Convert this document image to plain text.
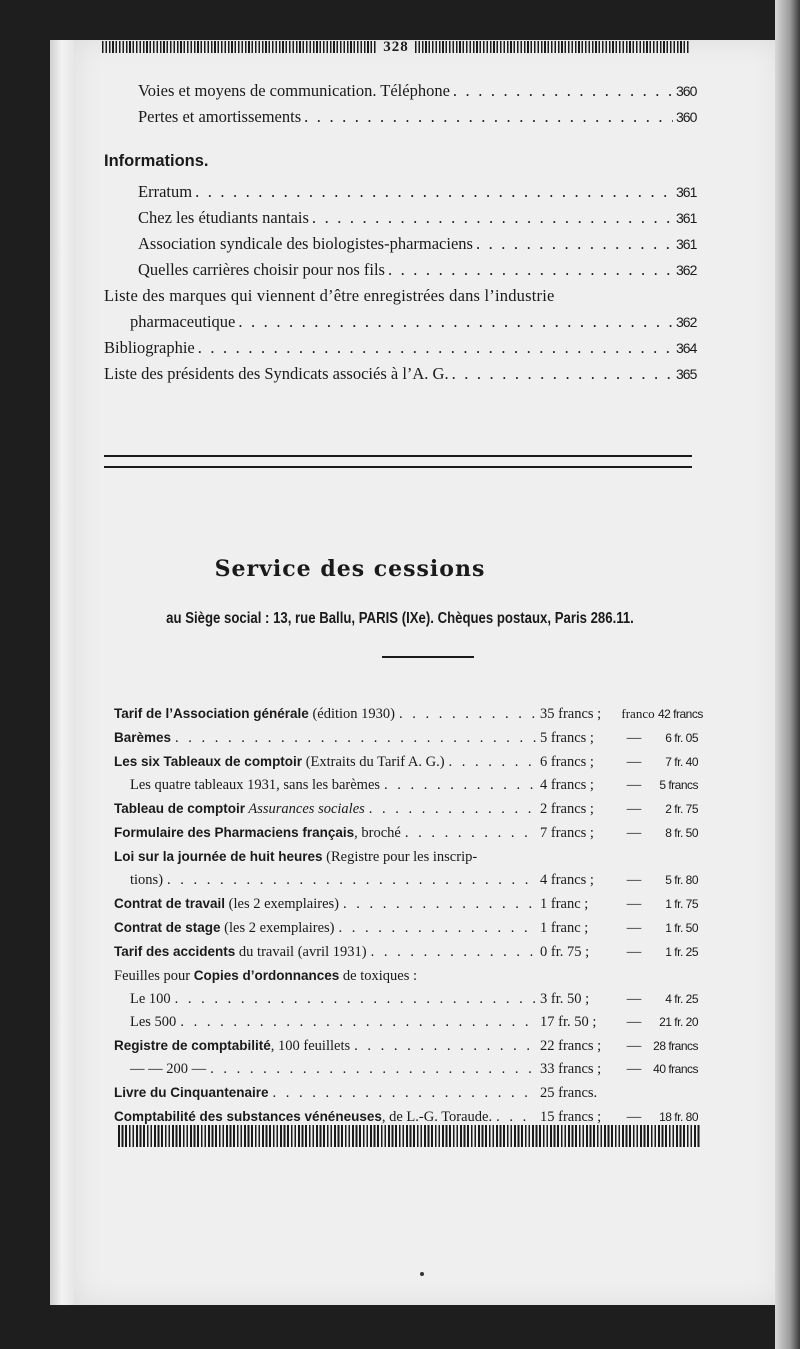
328
Voies et moyens de communication. Téléphone . . .	360
Pertes et amortissements . . .	360
Informations.
Erratum . . .	361
Chez les étudiants nantais . . .	361
Association syndicale des biologistes-pharmaciens . . .	361
Quelles carrières choisir pour nos fils . . .	362
Liste des marques qui viennent d’être enregistrées dans l’industrie
pharmaceutique . . .	362
Bibliographie . . .	364
Liste des présidents des Syndicats associés à l’A. G. . . .	365
Service des cessions
au Siège social : 13, rue Ballu, PARIS (IXe). Chèques postaux, Paris 286.11.
Tarif de l’Association générale (édition 1930) . . .	35 francs ;	franco 42 francs
Barèmes . . .	5 francs ;	—	6 fr. 05
Les six Tableaux de comptoir (Extraits du Tarif A. G.) . . .	6 francs ;	—	7 fr. 40
Les quatre tableaux 1931, sans les barèmes . . .	4 francs ;	—	5 francs
Tableau de comptoir Assurances sociales . . .	2 francs ;	—	2 fr. 75
Formulaire des Pharmaciens français, broché . . .	7 francs ;	—	8 fr. 50
Loi sur la journée de huit heures (Registre pour les inscrip-
tions) . . .	4 francs ;	—	5 fr. 80
Contrat de travail (les 2 exemplaires) . . .	1 franc ;	—	1 fr. 75
Contrat de stage (les 2 exemplaires) . . .	1 franc ;	—	1 fr. 50
Tarif des accidents du travail (avril 1931) . . .	0 fr. 75 ;	—	1 fr. 25
Feuilles pour Copies d’ordonnances de toxiques :
Le 100 . . .	3 fr. 50 ;	—	4 fr. 25
Les 500 . . .	17 fr. 50 ;	—	21 fr. 20
Registre de comptabilité, 100 feuillets . . .	22 francs ;	— 28 francs
— — 200 — . . .	33 francs ;	— 40 francs
Livre du Cinquantenaire . . .	25 francs.
Comptabilité des substances vénéneuses, de L.-G. Toraude. . . .	15 francs ;	—	18 fr. 80
